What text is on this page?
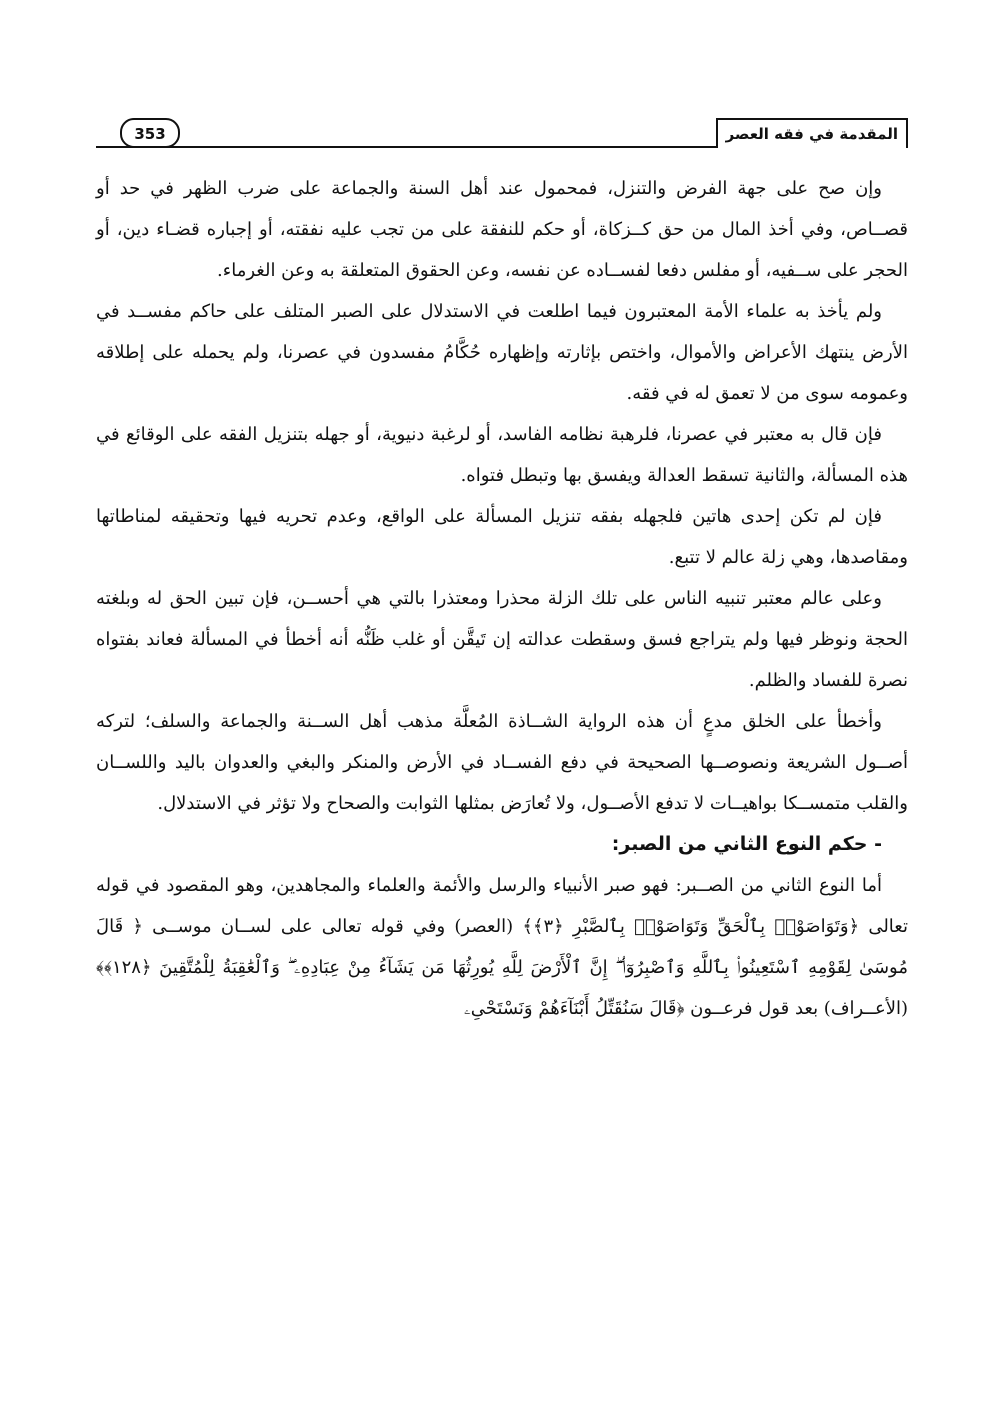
المقدمة في فقه العصر
353

وإن صح على جهة الفرض والتنزل، فمحمول عند أهل السنة والجماعة على ضرب الظهر في حد أو قصــاص، وفي أخذ المال من حق كــزكاة، أو حكم للنفقة على من تجب عليه نفقته، أو إجباره قضـاء دين، أو الحجر على ســفيه، أو مفلس دفعا لفســاده عن نفسه، وعن الحقوق المتعلقة به وعن الغرماء.

ولم يأخذ به علماء الأمة المعتبرون فيما اطلعت في الاستدلال على الصبر المتلف على حاكم مفســد في الأرض ينتهك الأعراض والأموال، واختص بإثارته وإظهاره حُكَّامُ مفسدون في عصرنا، ولم يحمله على إطلاقه وعمومه سوى من لا تعمق له في فقه.

فإن قال به معتبر في عصرنا، فلرهبة نظامه الفاسد، أو لرغبة دنيوية، أو جهله بتنزيل الفقه على الوقائع في هذه المسألة، والثانية تسقط العدالة ويفسق بها وتبطل فتواه.

فإن لم تكن إحدى هاتين فلجهله بفقه تنزيل المسألة على الواقع، وعدم تحريه فيها وتحقيقه لمناطاتها ومقاصدها، وهي زلة عالم لا تتبع.

وعلى عالم معتبر تنبيه الناس على تلك الزلة محذرا ومعتذرا بالتي هي أحســن، فإن تبين الحق له وبلغته الحجة ونوظر فيها ولم يتراجع فسق وسقطت عدالته إن تَيقَّن أو غلب ظَنُّه أنه أخطأ في المسألة فعاند بفتواه نصرة للفساد والظلم.

وأخطأ على الخلق مدعٍ أن هذه الرواية الشــاذة المُعلَّة مذهب أهل الســنة والجماعة والسلف؛ لتركه أصــول الشريعة ونصوصــها الصحيحة في دفع الفســاد في الأرض والمنكر والبغي والعدوان باليد واللســان والقلب متمســكا بواهيــات لا تدفع الأصــول، ولا تُعارَض بمثلها الثوابت والصحاح ولا تؤثر في الاستدلال.

- حكم النوع الثاني من الصبر:

أما النوع الثاني من الصــبر: فهو صبر الأنبياء والرسل والأئمة والعلماء والمجاهدين، وهو المقصود في قوله تعالى ﴿وَتَوَاصَوْا۟ بِٱلْحَقِّ وَتَوَاصَوْا۟ بِٱلصَّبْرِ ﴿٣﴾﴾ (العصر) وفي قوله تعالى على لســان موســى ﴿ قَالَ مُوسَىٰ لِقَوْمِهِ ٱسْتَعِينُوا۟ بِٱللَّهِ وَٱصْبِرُوٓا۟ ۖ إِنَّ ٱلْأَرْضَ لِلَّهِ يُورِثُهَا مَن يَشَآءُ مِنْ عِبَادِهِۦ ۖ وَٱلْعَٰقِبَةُ لِلْمُتَّقِينَ ﴿١٢٨﴾﴾ (الأعــراف) بعد قول فرعــون ﴿قَالَ سَنُقَتِّلُ أَبْنَآءَهُمْ وَنَسْتَحْىِۦ
